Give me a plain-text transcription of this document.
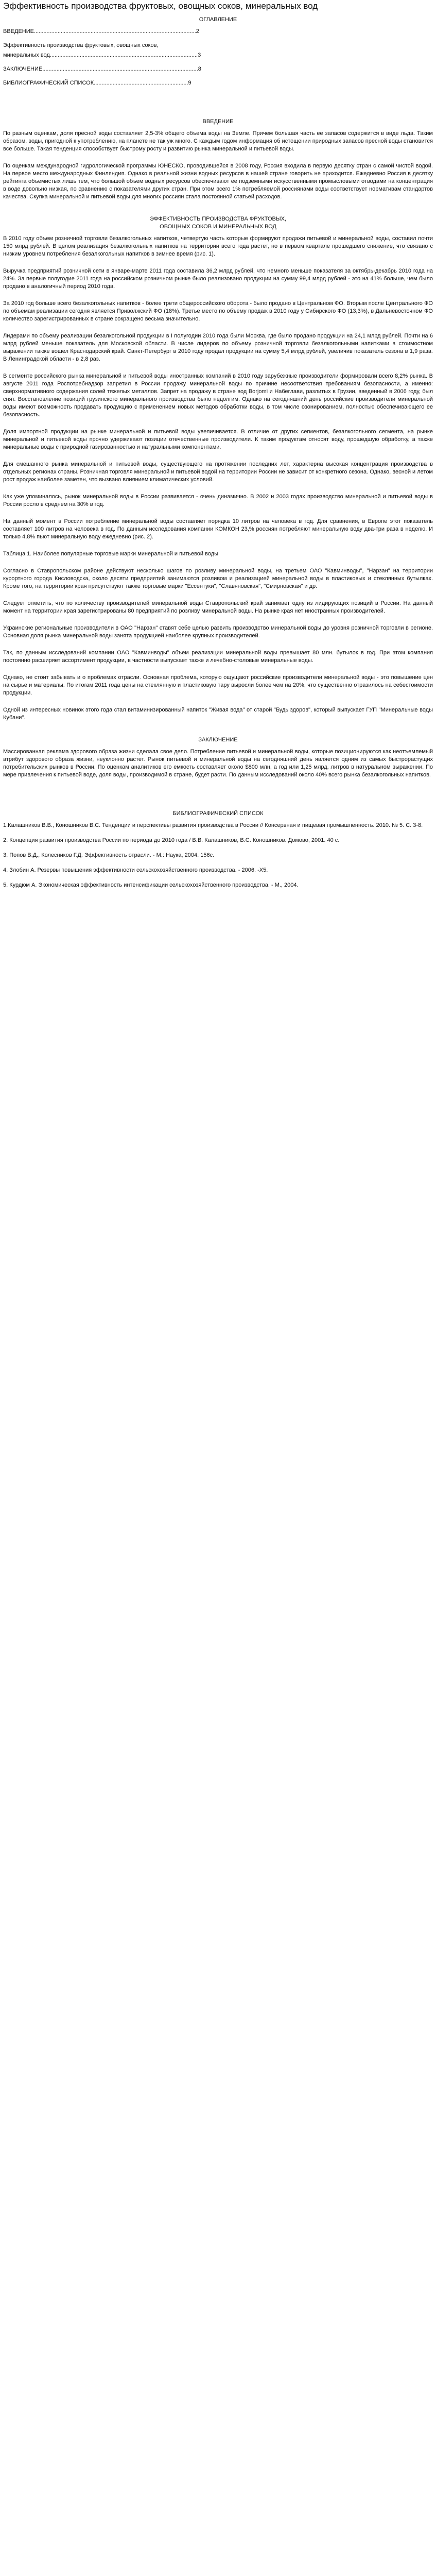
Эффективность производства фруктовых, овощных соков, минеральных вод
ОГЛАВЛЕНИЕ
ВВЕДЕНИЕ.......................................................................................................2
Эффективность производства фруктовых, овощных соков,
минеральных вод..............................................................................................3
ЗАКЛЮЧЕНИЕ...................................................................................................8
БИБЛИОГРАФИЧЕСКИЙ СПИСОК............................................................9
ВВЕДЕНИЕ

По разным оценкам, доля пресной воды составляет 2,5-3% общего объема воды на Земле. Причем большая часть ее запасов содержится в виде льда. Таким образом, воды, пригодной к употреблению, на планете не так уж много. С каждым годом информация об истощении природных запасов пресной воды становится все больше. Такая тенденция способствует быстрому росту и развитию рынка минеральной и питьевой воды.

По оценкам международной гидрологической программы ЮНЕСКО, проводившейся в 2008 году, Россия входила в первую десятку стран с самой чистой водой. На первое место международных Финляндия. Однако в реальной жизни водных ресурсов в нашей стране говорить не приходится. Ежедневно Россия в десятку рейтинга объемистых лишь тем, что большой объем водных ресурсов обеспечивают ее подземными искусственными промысловыми отводами на концентрация в воде довольно низкая, по сравнению с показателями других стран. При этом всего 1% потребляемой россиянами воды соответствует нормативам стандартов качества. Скупка минеральной и питьевой воды для многих россиян стала постоянной статьей расходов.

ЭФФЕКТИВНОСТЬ ПРОИЗВОДСТВА ФРУКТОВЫХ,
ОВОЩНЫХ СОКОВ И МИНЕРАЛЬНЫХ ВОД

В 2010 году объем розничной торговли безалкогольных напитков, четвертую часть которые формируют продажи питьевой и минеральной воды, составил почти 150 млрд рублей. В целом реализация безалкогольных напитков на территории всего года растет, но в первом квартале прошедшего снижение, что связано с низким уровнем потребления безалкогольных напитков в зимнее время (рис. 1).

Выручка предприятий розничной сети в январе-марте 2011 года составила 36,2 млрд рублей, что немного меньше показателя за октябрь-декабрь 2010 года на 24%. За первые полугодие 2011 года на российском розничном рынке было реализовано продукции на сумму 99,4 млрд рублей - это на 41% больше, чем было продано в аналогичный период 2010 года.

За 2010 год больше всего безалкогольных напитков - более трети общероссийского оборота - было продано в Центральном ФО. Вторым после Центрального ФО по объемам реализации сегодня является Приволжский ФО (18%). Третье место по объему продаж в 2010 году у Сибирского ФО (13,3%), в Дальневосточном ФО количество зарегистрированных в стране сокращено весьма значительно.

Лидерами по объему реализации безалкогольной продукции в I полугодии 2010 года были Москва, где было продано продукции на 24,1 млрд рублей. Почти на 6 млрд рублей меньше показатель для Московской области. В числе лидеров по объему розничной торговли безалкогольными напитками в стоимостном выражении также вошел Краснодарский край. Санкт-Петербург в 2010 году продал продукции на сумму 5,4 млрд рублей, увеличив показатель сезона в 1,9 раза. В Ленинградской области - в 2,8 раз.

В сегменте российского рынка минеральной и питьевой воды иностранных компаний в 2010 году зарубежные производители формировали всего 8,2% рынка. В августе 2011 года Роспотребнадзор запретил в России продажу минеральной воды по причине несоответствия требованиям безопасности, а именно: сверхнормативного содержания солей тяжелых металлов. Запрет на продажу в стране вод Borjomi и Набеглави, разлитых в Грузии, введенный в 2006 году, был снят. Восстановление позиций грузинского минерального производства было недолгим. Однако на сегодняшний день российские производители минеральной воды имеют возможность продавать продукцию с применением новых методов обработки воды, в том числе озонированием, полностью обеспечивающего ее безопасность.

Доля импортной продукции на рынке минеральной и питьевой воды увеличивается. В отличие от других сегментов, безалкогольного сегмента, на рынке минеральной и питьевой воды прочно удерживают позиции отечественные производители. К таким продуктам относят воду, прошедшую обработку, а также минеральные воды с природной газированностью и натуральными компонентами.

Для смешанного рынка минеральной и питьевой воды, существующего на протяжении последних лет, характерна высокая концентрация производства в отдельных регионах страны. Розничная торговля минеральной и питьевой водой на территории России не зависит от конкретного сезона. Однако, весной и летом рост продаж наиболее заметен, что вызвано влиянием климатических условий.

Как уже упоминалось, рынок минеральной воды в России развивается - очень динамично. В 2002 и 2003 годах производство минеральной и питьевой воды в России росло в среднем на 30% в год.

На данный момент в России потребление минеральной воды составляет порядка 10 литров на человека в год. Для сравнения, в Европе этот показатель составляет 100 литров на человека в год. По данным исследования компании КОМКОН 23,% россиян потребляют минеральную воду два-три раза в неделю. И только 4,8% пьют минеральную воду ежедневно (рис. 2).

Таблица 1. Наиболее популярные торговые марки минеральной и питьевой воды

Согласно в Ставропольском районе действуют несколько шагов по розливу минеральной воды, на третьем ОАО "Кавминводы", "Нарзан" на территории курортного города Кисловодска, около десяти предприятий занимаются розливом и реализацией минеральной воды в пластиковых и стеклянных бутылках. Кроме того, на территории края присутствуют также торговые марки "Ессентуки", "Славяновская", "Смирновская" и др.

Следует отметить, что по количеству производителей минеральной воды Ставропольский край занимает одну из лидирующих позиций в России. На данный момент на территории края зарегистрированы 80 предприятий по розливу минеральной воды. На рынке края нет иностранных производителей.

Украинские региональные производители в ОАО "Нарзан" ставят себе целью развить производство минеральной воды до уровня розничной торговли в регионе. Основная доля рынка минеральной воды занята продукцией наиболее крупных производителей.

Так, по данным исследований компании OАО "Кавминводы" объем реализации минеральной воды превышает 80 млн. бутылок в год. При этом компания постоянно расширяет ассортимент продукции, в частности выпускает также и лечебно-столовые минеральные воды.

Однако, не стоит забывать и о проблемах отрасли. Основная проблема, которую ощущают российские производители минеральной воды - это повышение цен на сырье и материалы. По итогам 2011 года цены на стеклянную и пластиковую тару выросли более чем на 20%, что существенно отразилось на себестоимости продукции.

Одной из интересных новинок этого года стал витаминизированный напиток "Живая вода" от старой "Будь здоров", который выпускает ГУП "Минеральные воды Кубани".

ЗАКЛЮЧЕНИЕ

Массированная реклама здорового образа жизни сделала свое дело. Потребление питьевой и минеральной воды, которые позиционируются как неотъемлемый атрибут здорового образа жизни, неуклонно растет. Рынок питьевой и минеральной воды на сегодняшний день является одним из самых быстрорастущих потребительских рынков в России. По оценкам аналитиков его емкость составляет около $800 млн, а год или 1,25 млрд. литров в натуральном выражении. По мере привлечения к питьевой воде, доля воды, производимой в стране, будет расти. По данным исследований около 40% всего рынка безалкогольных напитков.

БИБЛИОГРАФИЧЕСКИЙ СПИСОК
1.Калашников В.В., Коношников В.С. Тенденции и перспективы развития производства в России // Консервная и пищевая промышленность. 2010. № 5. С. 3-8.
2. Концепция развития производства России по периода до 2010 года / В.В. Калашников, В.С. Коношников. Домово, 2001. 40 с.
3. Попов В.Д., Колесников Г.Д. Эффективность отрасли. - М.: Наука, 2004. 156с.
4. Злобин А. Резервы повышения эффективности сельскохозяйственного производства. - 2006. -Х5.
5. Курдюм А. Экономическая эффективность интенсификации сельскохозяйственного производства. - М., 2004.
